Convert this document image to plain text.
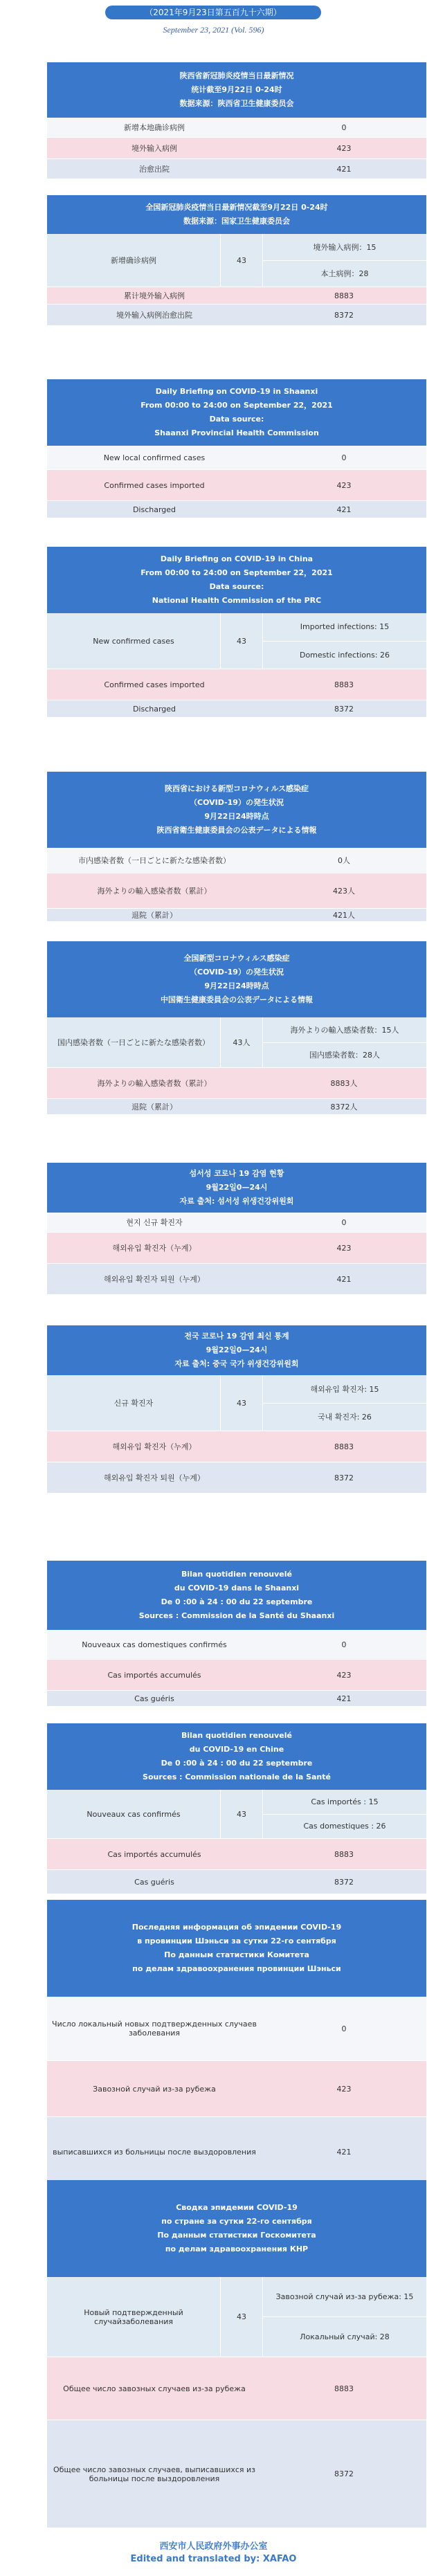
（2021年9月23日第五百九十六期）
September 23, 2021 (Vol. 596)
陕西省新冠肺炎疫情当日最新情况
统计截至9月22日 0-24时
数据来源：陕西省卫生健康委员会
新增本地确诊病例	0
境外输入病例	423
治愈出院	421
全国新冠肺炎疫情当日最新情况截至9月22日 0-24时
数据来源：国家卫生健康委员会
新增确诊病例	43
境外输入病例：15
本土病例：28
累计境外输入病例	8883
境外输入病例治愈出院	8372
Daily Briefing on COVID-19 in Shaanxi
From 00:00 to 24:00 on September 22，2021
Data source:
Shaanxi Provincial Health Commission
New local confirmed cases	0
Confirmed cases imported	423
Discharged	421
Daily Briefing on COVID-19 in China
From 00:00 to 24:00 on September 22，2021
Data source:
National Health Commission of the PRC
New confirmed cases	43
Imported infections: 15
Domestic infections: 26
Confirmed cases imported	8883
Discharged	8372
陝西省における新型コロナウィルス感染症
（COVID-19）の発生状況
9月22日24時時点
陝西省衛生健康委員会の公表データによる情報
市内感染者数（一日ごとに新たな感染者数）	0人
海外よりの輸入感染者数（累計）	423人
退院（累計）	421人
全国新型コロナウィルス感染症
（COVID-19）の発生状況
9月22日24時時点
中国衛生健康委員会の公表データによる情報
国内感染者数（一日ごとに新たな感染者数）	43人
海外よりの輸入感染者数：15人
国内感染者数：28人
海外よりの輸入感染者数（累計）	8883人
退院（累計）	8372人
섬서성 코로나 19 감염 현황
9월22일0—24시
자료 출처: 섬서성 위생건강위원회
현지 신규 확진자	0
해외유입 확진자（누계）	423
해외유입 확진자 퇴원（누계）	421
전국 코로나 19 감염 최신 통계
9월22일0—24시
자료 출처: 중국 국가 위생건강위원회
신규 확진자	43
해외유입 확진자: 15
국내 확진자: 26
해외유입 확진자（누계）	8883
해외유입 확진자 퇴원（누계）	8372
Bilan quotidien renouvelé
du COVID-19 dans le Shaanxi
De 0 :00 à 24 : 00 du 22 septembre
Sources : Commission de la Santé du Shaanxi
Nouveaux cas domestiques confirmés	0
Cas importés accumulés	423
Cas guéris	421
Bilan quotidien renouvelé
du COVID-19 en Chine
De 0 :00 à 24 : 00 du 22 septembre
Sources : Commission nationale de la Santé
Nouveaux cas confirmés	43
Cas importés : 15
Cas domestiques : 26
Cas importés accumulés	8883
Cas guéris	8372
Последняя информация об эпидемии COVID-19
в провинции Шэньси за сутки 22-го сентября
По данным статистики Комитета
по делам здравоохранения провинции Шэньси
Число локальный новых подтвержденных случаев заболевания	0
Завозной случай из-за рубежа	423
выписавшихся из больницы после выздоровления	421
Сводка эпидемии COVID-19
по стране за сутки 22-го сентября
По данным статистики Госкомитета
по делам здравоохранения КНР
Новый подтвержденный случайзаболевания	43
Завозной случай из-за рубежа: 15
Локальный случай: 28
Общее число завозных случаев из-за рубежа	8883
Общее число завозных случаев, выписавшихся из больницы после выздоровления	8372
西安市人民政府外事办公室
Edited and translated by: XAFAO
